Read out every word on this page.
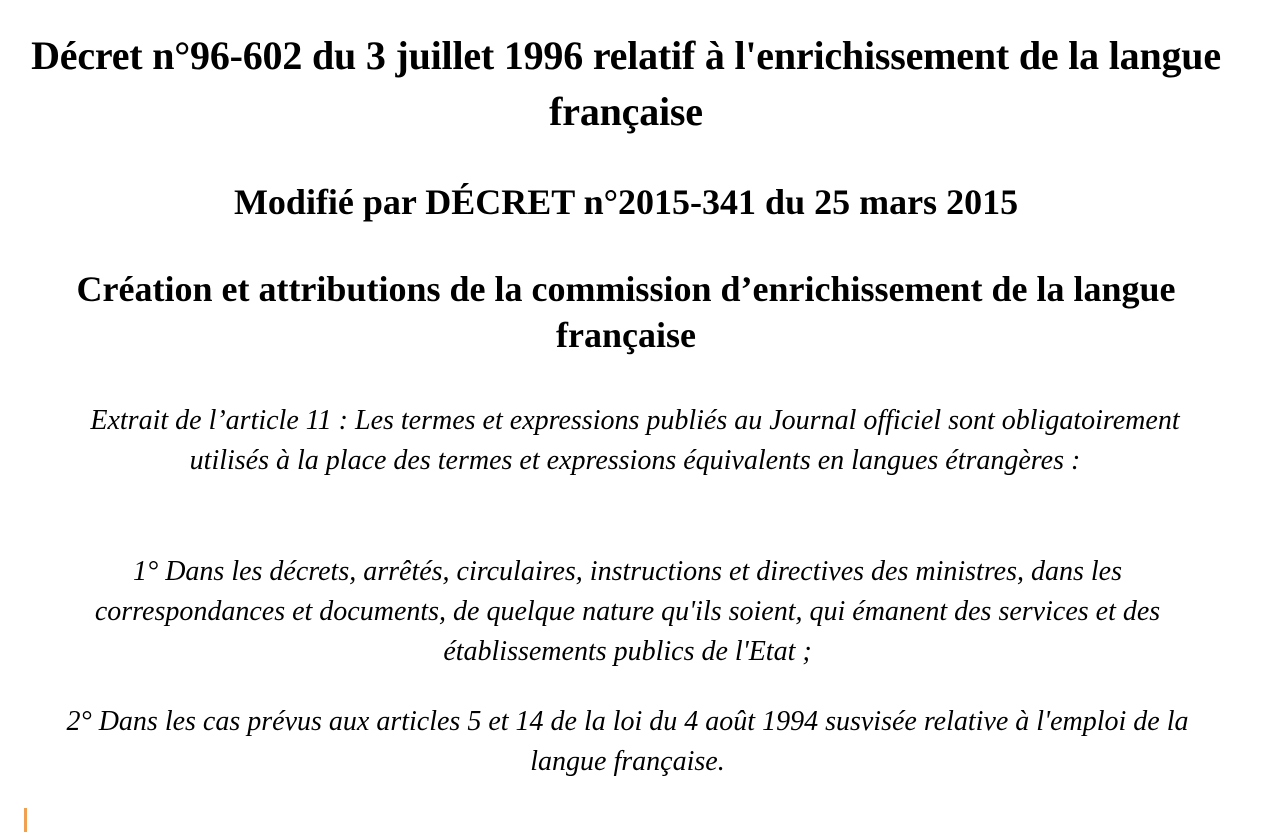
Décret n°96-602 du 3 juillet 1996 relatif à l'enrichissement de la langue française
Modifié par DÉCRET n°2015-341 du 25 mars 2015
Création et attributions de la commission d’enrichissement de la langue française

Extrait de l’article 11 : Les termes et expressions publiés au Journal officiel sont obligatoirement utilisés à la place des termes et expressions équivalents en langues étrangères :

1° Dans les décrets, arrêtés, circulaires, instructions et directives des ministres, dans les correspondances et documents, de quelque nature qu'ils soient, qui émanent des services et des établissements publics de l'Etat ;

2° Dans les cas prévus aux articles 5 et 14 de la loi du 4 août 1994 susvisée relative à l'emploi de la langue française.
